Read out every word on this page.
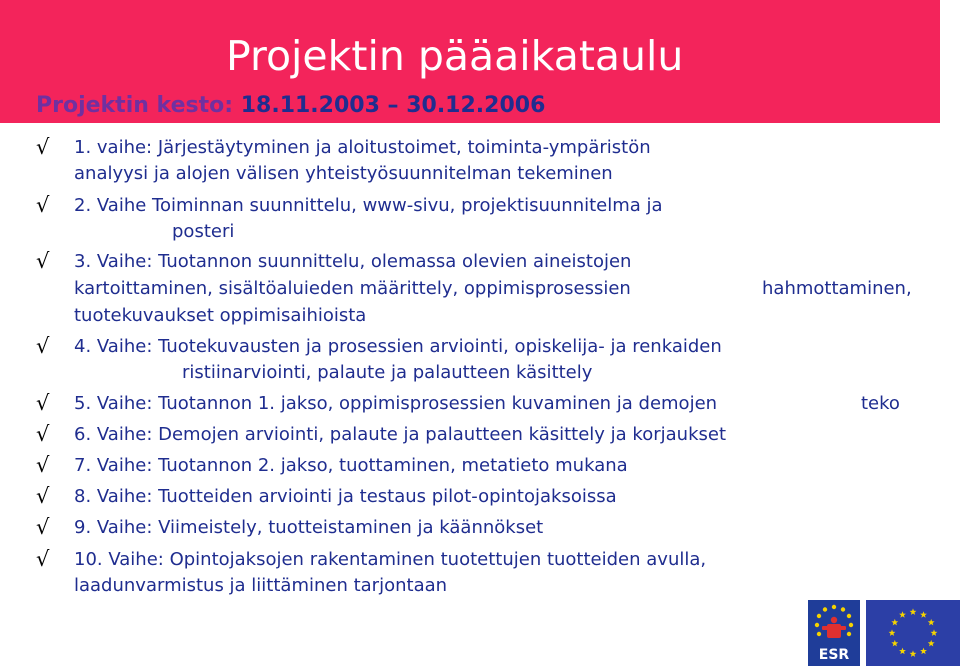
Projektin pääaikataulu
Projektin kesto: 18.11.2003 – 30.12.2006
√ 1. vaihe: Järjestäytyminen ja aloitustoimet, toiminta-ympäristön
analyysi ja alojen välisen yhteistyösuunnitelman tekeminen
√ 2. Vaihe Toiminnan suunnittelu, www-sivu, projektisuunnitelma ja
posteri
√ 3. Vaihe: Tuotannon suunnittelu, olemassa olevien aineistojen
kartoittaminen, sisältöaluieden määrittely, oppimisprosessien	hahmottaminen,
tuotekuvaukset oppimisaihioista
√ 4. Vaihe: Tuotekuvausten ja prosessien arviointi, opiskelija- ja renkaiden
ristiinarviointi, palaute ja palautteen käsittely
√ 5. Vaihe: Tuotannon 1. jakso, oppimisprosessien kuvaminen ja demojen	teko
√ 6. Vaihe: Demojen arviointi, palaute ja palautteen käsittely ja korjaukset
√ 7. Vaihe: Tuotannon 2. jakso, tuottaminen, metatieto mukana
√ 8. Vaihe: Tuotteiden arviointi ja testaus pilot-opintojaksoissa
√ 9. Vaihe: Viimeistely, tuotteistaminen ja käännökset
√ 10. Vaihe: Opintojaksojen rakentaminen tuotettujen tuotteiden avulla,
laadunvarmistus ja liittäminen tarjontaan
ESR
